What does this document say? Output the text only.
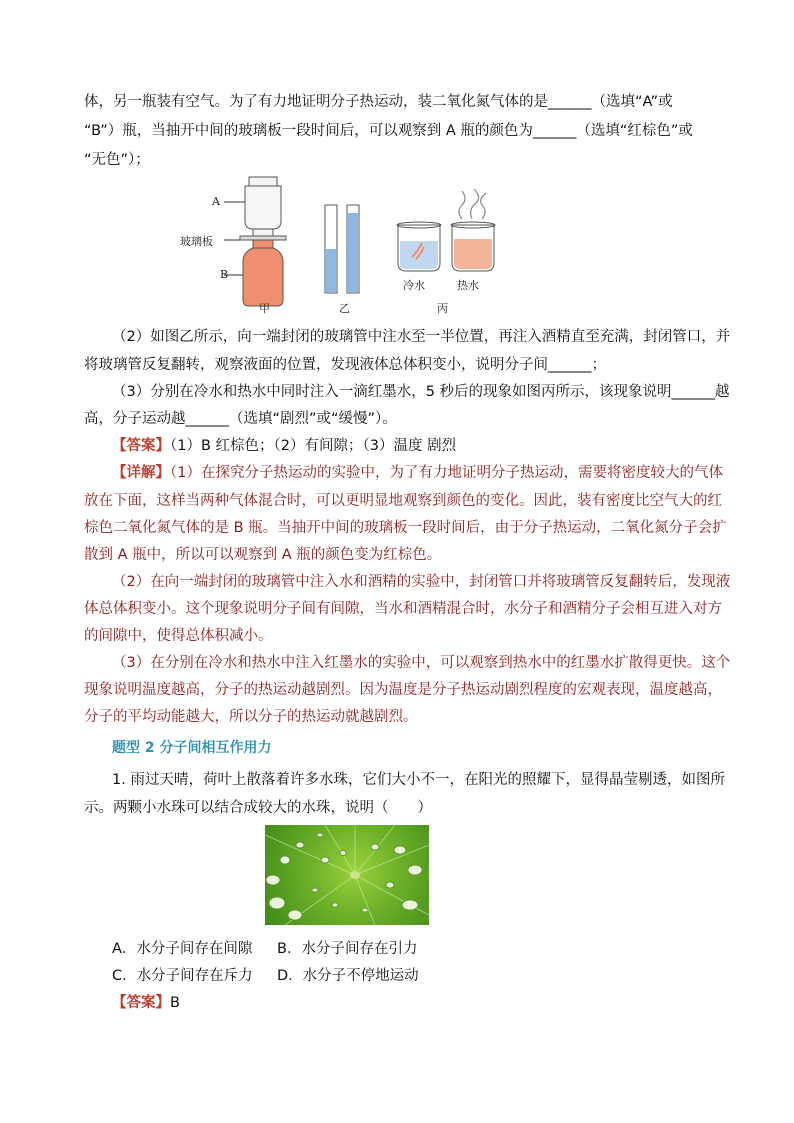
体，另一瓶装有空气。为了有力地证明分子热运动，装二氧化氮气体的是______（选填“A”或

“B”）瓶，当抽开中间的玻璃板一段时间后，可以观察到 A 瓶的颜色为______（选填“红棕色”或

“无色”）；

A
玻璃板
B
甲	乙
冷水	热水
丙

（2）如图乙所示，向一端封闭的玻璃管中注水至一半位置，再注入酒精直至充满，封闭管口，并

将玻璃管反复翻转，观察液面的位置，发现液体总体积变小，说明分子间______；

（3）分别在冷水和热水中同时注入一滴红墨水，5 秒后的现象如图丙所示，该现象说明______越

高，分子运动越______（选填“剧烈”或“缓慢”）。

【答案】（1）B 红棕色；（2）有间隙；（3）温度 剧烈

【详解】（1）在探究分子热运动的实验中，为了有力地证明分子热运动，需要将密度较大的气体

放在下面，这样当两种气体混合时，可以更明显地观察到颜色的变化。因此，装有密度比空气大的红

棕色二氧化氮气体的是 B 瓶。当抽开中间的玻璃板一段时间后，由于分子热运动，二氧化氮分子会扩

散到 A 瓶中，所以可以观察到 A 瓶的颜色变为红棕色。

（2）在向一端封闭的玻璃管中注入水和酒精的实验中，封闭管口并将玻璃管反复翻转后，发现液

体总体积变小。这个现象说明分子间有间隙，当水和酒精混合时，水分子和酒精分子会相互进入对方

的间隙中，使得总体积减小。

（3）在分别在冷水和热水中注入红墨水的实验中，可以观察到热水中的红墨水扩散得更快。这个

现象说明温度越高，分子的热运动越剧烈。因为温度是分子热运动剧烈程度的宏观表现，温度越高，

分子的平均动能越大，所以分子的热运动就越剧烈。

题型 2 分子间相互作用力

1. 雨过天晴，荷叶上散落着许多水珠，它们大小不一，在阳光的照耀下，显得晶莹剔透，如图所

示。两颗小水珠可以结合成较大的水珠，说明（　　）

A．水分子间存在间隙 B．水分子间存在引力
C．水分子间存在斥力 D．水分子不停地运动

【答案】B
